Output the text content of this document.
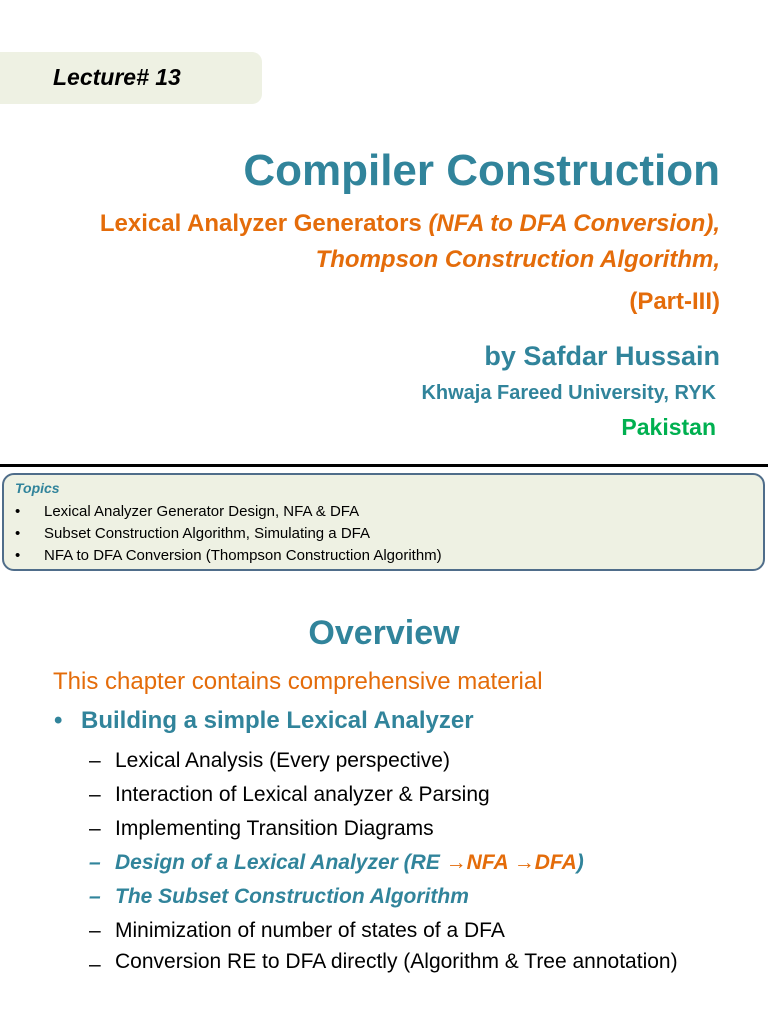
Lecture# 13
Compiler Construction
Lexical Analyzer Generators (NFA to DFA Conversion),
Thompson Construction Algorithm,
(Part-III)
by Safdar Hussain
Khwaja Fareed University, RYK
Pakistan
Topics
•	Lexical Analyzer Generator Design, NFA & DFA
•	Subset Construction Algorithm, Simulating a DFA
•	NFA to DFA Conversion (Thompson Construction Algorithm)
Overview
This chapter contains comprehensive material
• Building a simple Lexical Analyzer
– Lexical Analysis (Every perspective)
– Interaction of Lexical analyzer & Parsing
– Implementing Transition Diagrams
– Design of a Lexical Analyzer (RE →NFA →DFA)
– The Subset Construction Algorithm
– Minimization of number of states of a DFA
– Conversion RE to DFA directly (Algorithm & Tree annotation)
